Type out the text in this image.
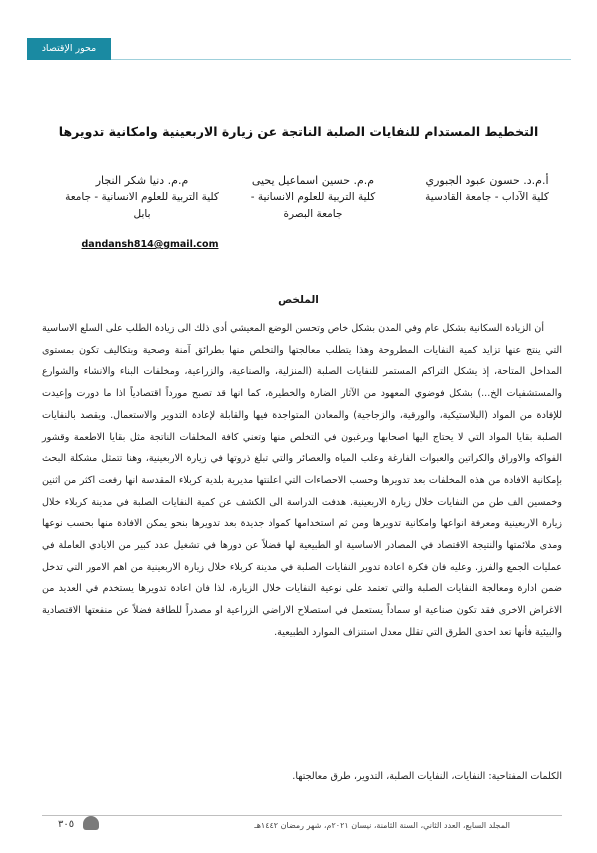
محور الإقتصاد
التخطيط المستدام للنفايات الصلبة الناتجة عن زيارة الاربعينية وامكانية تدويرها
أ.م.د. حسون عبود الجبوري
كلية الآداب - جامعة القادسية
م.م. حسين اسماعيل يحيى
كلية التربية للعلوم الانسانية - جامعة البصرة
م.م. دنيا شكر النجار
كلية التربية للعلوم الانسانية - جامعة بابل
dandansh814@gmail.com
الملخص

أن الزيادة السكانية بشكل عام وفي المدن بشكل خاص وتحسن الوضع المعيشي أدى ذلك الى زيادة الطلب على السلع الاساسية التي ينتج عنها تزايد كمية النفايات المطروحة وهذا يتطلب معالجتها والتخلص منها بطرائق آمنة وصحية وبتكاليف تكون بمستوى المداخل المتاحة، إذ يشكل التراكم المستمر للنفايات الصلبة (المنزلية، والصناعية، والزراعية، ومخلفات البناء والانشاء والشوارع والمستشفيات الخ...) بشكل فوضوي المعهود من الآثار الضارة والخطيرة، كما انها قد تصبح مورداً اقتصادياً اذا ما دورت وإعيدت للإفادة من المواد (البلاستيكية، والورقية، والزجاجية) والمعادن المتواجدة فيها والقابلة لإعادة التدوير والاستعمال. ويقصد بالنفايات الصلبة بقايا المواد التي لا يحتاج اليها اصحابها ويرغبون في التخلص منها وتعني كافة المخلفات الناتجة مثل بقايا الاطعمة وقشور الفواكه والاوراق والكراتين والعبوات الفارغة وعلب المياه والعصائر والتي تبلغ ذروتها في زيارة الاربعينية، وهنا تتمثل مشكلة البحث بإمكانية الافادة من هذه المخلفات بعد تدويرها وحسب الاحصاءات التي اعلنتها مديرية بلدية كربلاء المقدسة انها رفعت اكثر من اثنين وخمسين الف طن من النفايات خلال زيارة الاربعينية. هدفت الدراسة الى الكشف عن كمية النفايات الصلبة في مدينة كربلاء خلال زيارة الاربعينية ومعرفة انواعها وامكانية تدويرها ومن ثم استخدامها كمواد جديدة بعد تدويرها بنحو يمكن الافادة منها بحسب نوعها ومدى ملائمتها والنتيجة الاقتصاد في المصادر الاساسية او الطبيعية لها فضلاً عن دورها في تشغيل عدد كبير من الايادي العاملة في عمليات الجمع والفرز. وعليه فان فكرة اعادة تدوير النفايات الصلبة في مدينة كربلاء خلال زيارة الاربعينية من اهم الامور التي تدخل ضمن ادارة ومعالجة النفايات الصلبة والتي تعتمد على نوعية النفايات خلال الزيارة، لذا فان اعادة تدويرها يستخدم في العديد من الاغراض الاخرى فقد تكون صناعية او سماداً يستعمل في استصلاح الاراضي الزراعية او مصدراً للطاقة فضلاً عن منفعتها الاقتصادية والبيئية فأنها تعد احدى الطرق التي تقلل معدل استنزاف الموارد الطبيعية.

الكلمات المفتاحية: النفايات، النفايات الصلبة، التدوير، طرق معالجتها.
٣٠٥	المجلد السابع، العدد الثاني، السنة الثامنة، نيسان ٢٠٢١م، شهر رمضان ١٤٤٢هـ
